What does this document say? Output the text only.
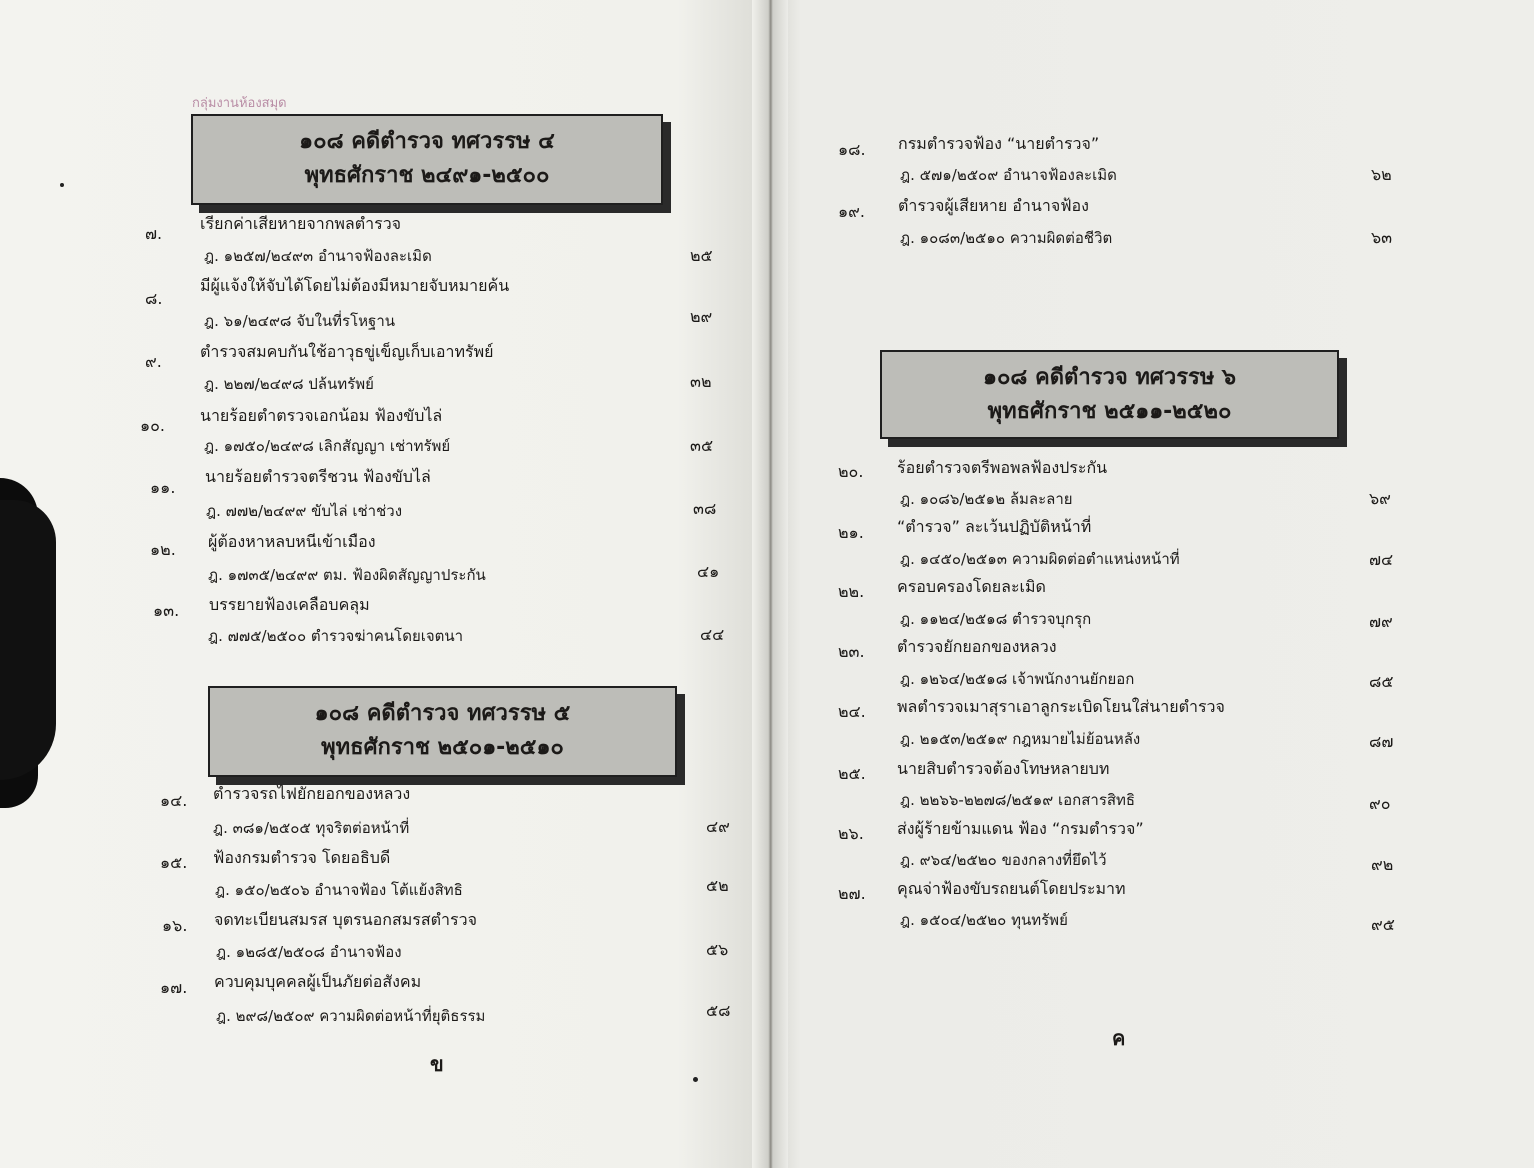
กลุ่มงานห้องสมุด
๑๐๘ คดีตำรวจ ทศวรรษ ๔
พุทธศักราช ๒๔๙๑-๒๕๐๐
๑๐๘ คดีตำรวจ ทศวรรษ ๕
พุทธศักราช ๒๕๐๑-๒๕๑๐
๗.
เรียกค่าเสียหายจากพลตำรวจ
ฎ. ๑๒๕๗/๒๔๙๓ อำนาจฟ้องละเมิด	๒๕
๘.
มีผู้แจ้งให้จับได้โดยไม่ต้องมีหมายจับหมายค้น
ฎ. ๖๑/๒๔๙๘ จับในที่รโหฐาน	๒๙
๙.
ตำรวจสมคบกันใช้อาวุธขู่เข็ญเก็บเอาทรัพย์
ฎ. ๒๒๗/๒๔๙๘ ปล้นทรัพย์	๓๒
๑๐.
นายร้อยตำตรวจเอกน้อม ฟ้องขับไล่
ฎ. ๑๗๕๐/๒๔๙๘ เลิกสัญญา เช่าทรัพย์	๓๕
๑๑.
นายร้อยตำรวจตรีชวน ฟ้องขับไล่
ฎ. ๗๗๒/๒๔๙๙ ขับไล่ เช่าช่วง	๓๘
๑๒. ผู้ต้องหาหลบหนีเข้าเมือง
ฎ. ๑๗๓๕/๒๔๙๙ ตม. ฟ้องผิดสัญญาประกัน	๔๑
๑๓. บรรยายฟ้องเคลือบคลุม
ฎ. ๗๗๕/๒๕๐๐ ตำรวจฆ่าคนโดยเจตนา	๔๔
๑๔. ตำรวจรถไฟยักยอกของหลวง
ฎ. ๓๘๑/๒๕๐๕ ทุจริตต่อหน้าที่	๔๙
๑๕. ฟ้องกรมตำรวจ โดยอธิบดี
ฎ. ๑๕๐/๒๕๐๖ อำนาจฟ้อง โต้แย้งสิทธิ	๕๒
๑๖. จดทะเบียนสมรส บุตรนอกสมรสตำรวจ
ฎ. ๑๒๘๕/๒๕๐๘ อำนาจฟ้อง	๕๖
๑๗. ควบคุมบุคคลผู้เป็นภัยต่อสังคม
ฎ. ๒๙๘/๒๕๐๙ ความผิดต่อหน้าที่ยุติธรรม	๕๘
ข
๑๐๘ คดีตำรวจ ทศวรรษ ๖
พุทธศักราช ๒๕๑๑-๒๕๒๐
๑๘. กรมตำรวจฟ้อง “นายตำรวจ”
ฎ. ๕๗๑/๒๕๐๙ อำนาจฟ้องละเมิด	๖๒
๑๙. ตำรวจผู้เสียหาย อำนาจฟ้อง
ฎ. ๑๐๘๓/๒๕๑๐ ความผิดต่อชีวิต	๖๓
๒๐. ร้อยตำรวจตรีพอพลฟ้องประกัน
ฎ. ๑๐๘๖/๒๕๑๒ ล้มละลาย	๖๙
๒๑. “ตำรวจ” ละเว้นปฏิบัติหน้าที่
ฎ. ๑๔๕๐/๒๕๑๓ ความผิดต่อตำแหน่งหน้าที่	๗๔
๒๒. ครอบครองโดยละเมิด
ฎ. ๑๑๒๔/๒๕๑๘ ตำรวจบุกรุก	๗๙
๒๓. ตำรวจยักยอกของหลวง
ฎ. ๑๒๖๔/๒๕๑๘ เจ้าพนักงานยักยอก	๘๕
๒๔. พลตำรวจเมาสุราเอาลูกระเบิดโยนใส่นายตำรวจ
ฎ. ๒๑๕๓/๒๕๑๙ กฎหมายไม่ย้อนหลัง	๘๗
๒๕. นายสิบตำรวจต้องโทษหลายบท
ฎ. ๒๒๖๖-๒๒๗๘/๒๕๑๙ เอกสารสิทธิ	๙๐
๒๖. ส่งผู้ร้ายข้ามแดน ฟ้อง “กรมตำรวจ”
ฎ. ๙๖๔/๒๕๒๐ ของกลางที่ยึดไว้	๙๒
๒๗. คุณจ่าฟ้องขับรถยนต์โดยประมาท
ฎ. ๑๕๐๔/๒๕๒๐ ทุนทรัพย์	๙๕
ค
